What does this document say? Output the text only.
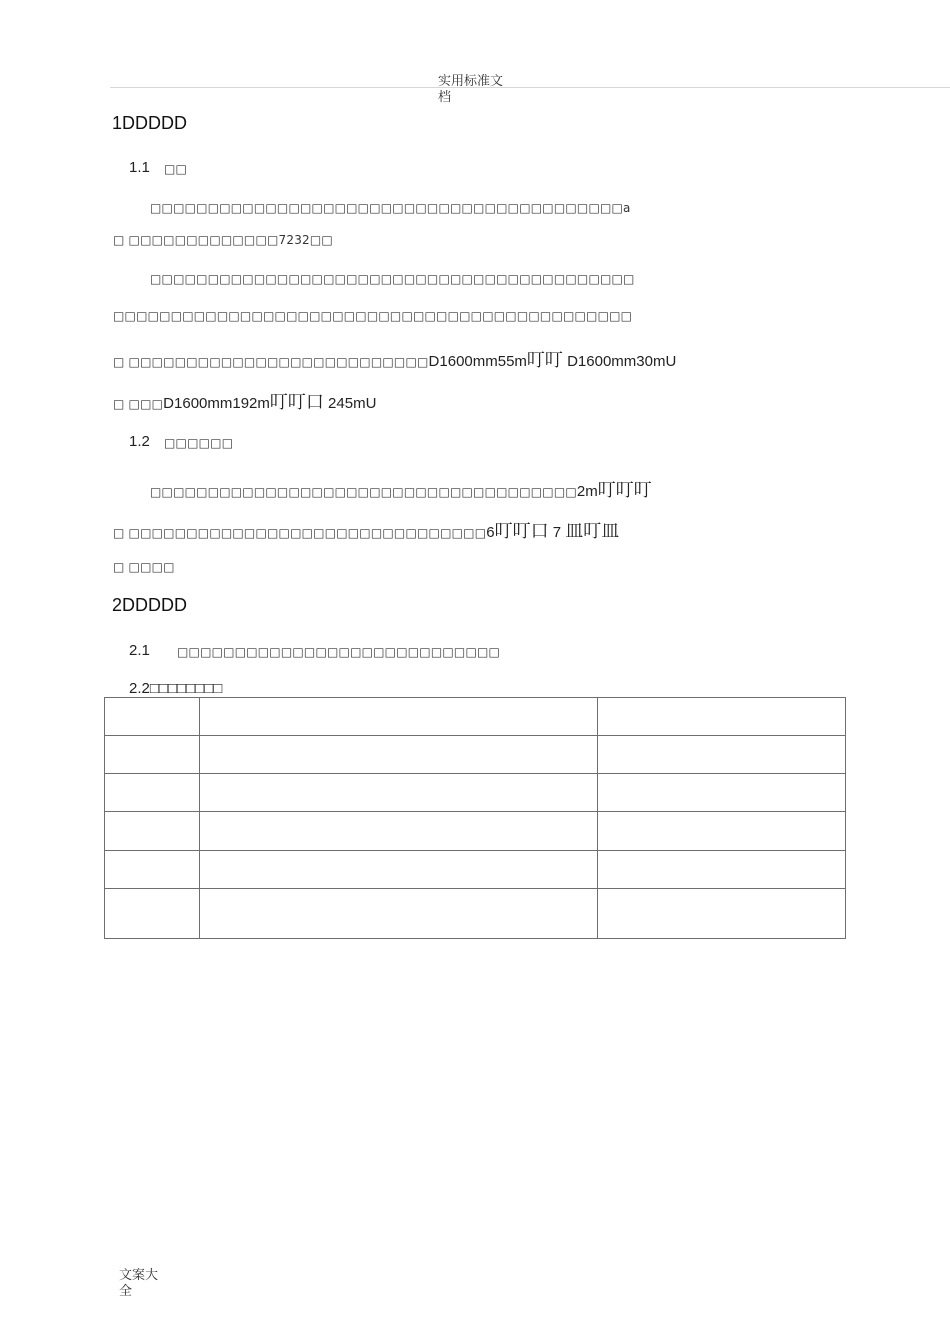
实用标准文
档
1DDDDD
1.1 □□
□□□□□□□□□□□□□□□□□□□□□□□□□□□□□□□□□□□□□□□□□a
□ □□□□□□□□□□□□□7232□□
□□□□□□□□□□□□□□□□□□□□□□□□□□□□□□□□□□□□□□□□□□
□□□□□□□□□□□□□□□□□□□□□□□□□□□□□□□□□□□□□□□□□□□□□
□ □□□□□□□□□□□□□□□□□□□□□□□□□□D1600mm55m叮叮 D1600mm30mU
□ □□□D1600mm192m叮叮口 245mU
1.2 □□□□□□
□□□□□□□□□□□□□□□□□□□□□□□□□□□□□□□□□□□□□2m叮叮叮
□ □□□□□□□□□□□□□□□□□□□□□□□□□□□□□□□6叮叮口 7 皿叮皿
□ □□□□
2DDDDD
2.1 □□□□□□□□□□□□□□□□□□□□□□□□□□□□
2.2□□□□□□□□

文案大
全
